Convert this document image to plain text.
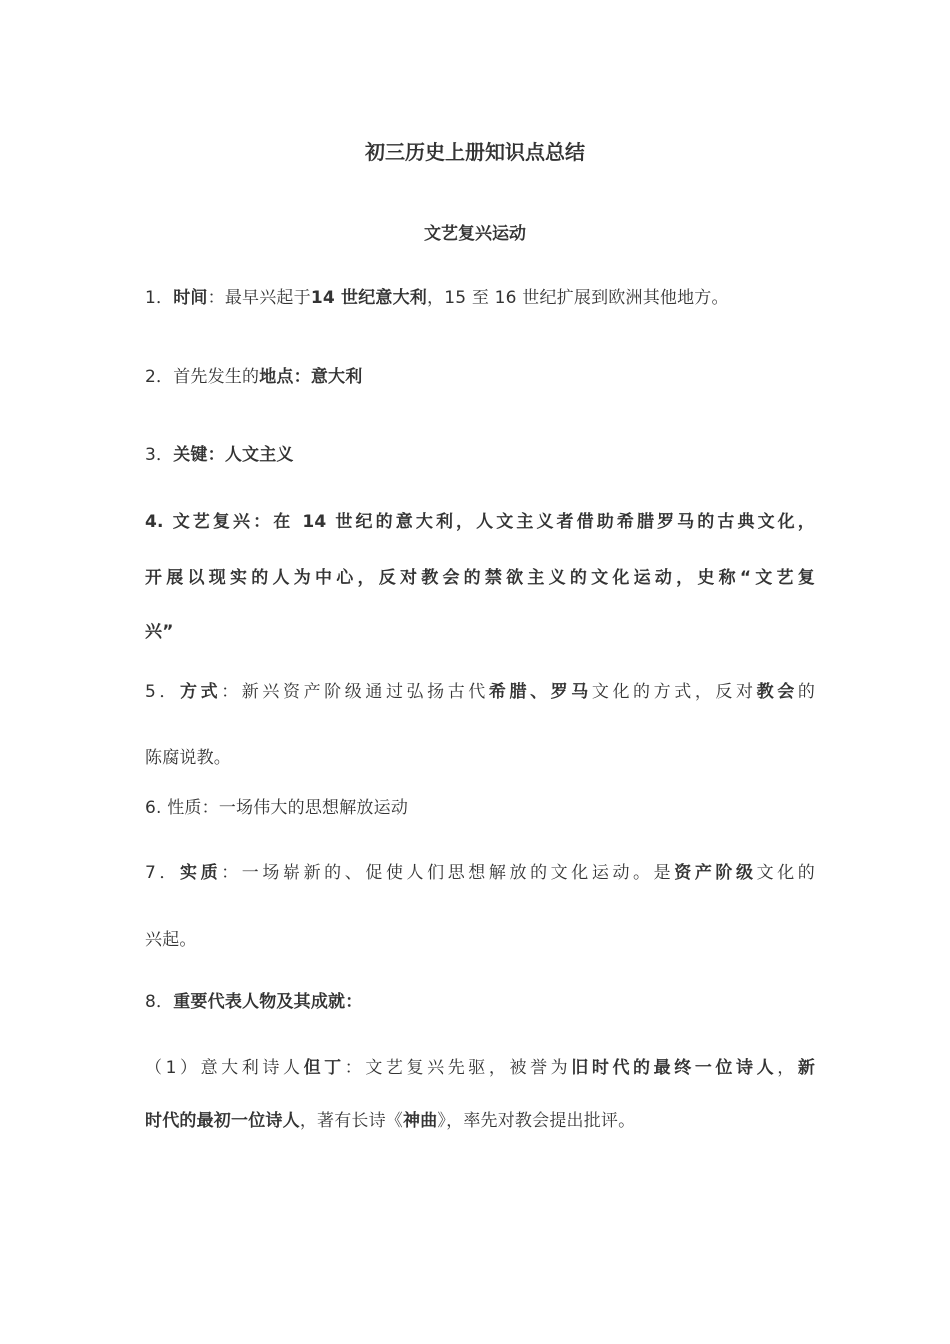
初三历史上册知识点总结
文艺复兴运动
1．时间：最早兴起于14 世纪意大利，15 至 16 世纪扩展到欧洲其他地方。
2．首先发生的地点：意大利
3．关键：人文主义
4. 文艺复兴：在 14 世纪的意大利，人文主义者借助希腊罗马的古典文化，
开展以现实的人为中心，反对教会的禁欲主义的文化运动，史称“文艺复
兴”
5．方式：新兴资产阶级通过弘扬古代希腊、罗马文化的方式，反对教会的
陈腐说教。
6. 性质：一场伟大的思想解放运动
7．实质：一场崭新的、促使人们思想解放的文化运动。是资产阶级文化的
兴起。
8．重要代表人物及其成就：
（1）意大利诗人但丁：文艺复兴先驱，被誉为旧时代的最终一位诗人，新
时代的最初一位诗人，著有长诗《神曲》，率先对教会提出批评。
